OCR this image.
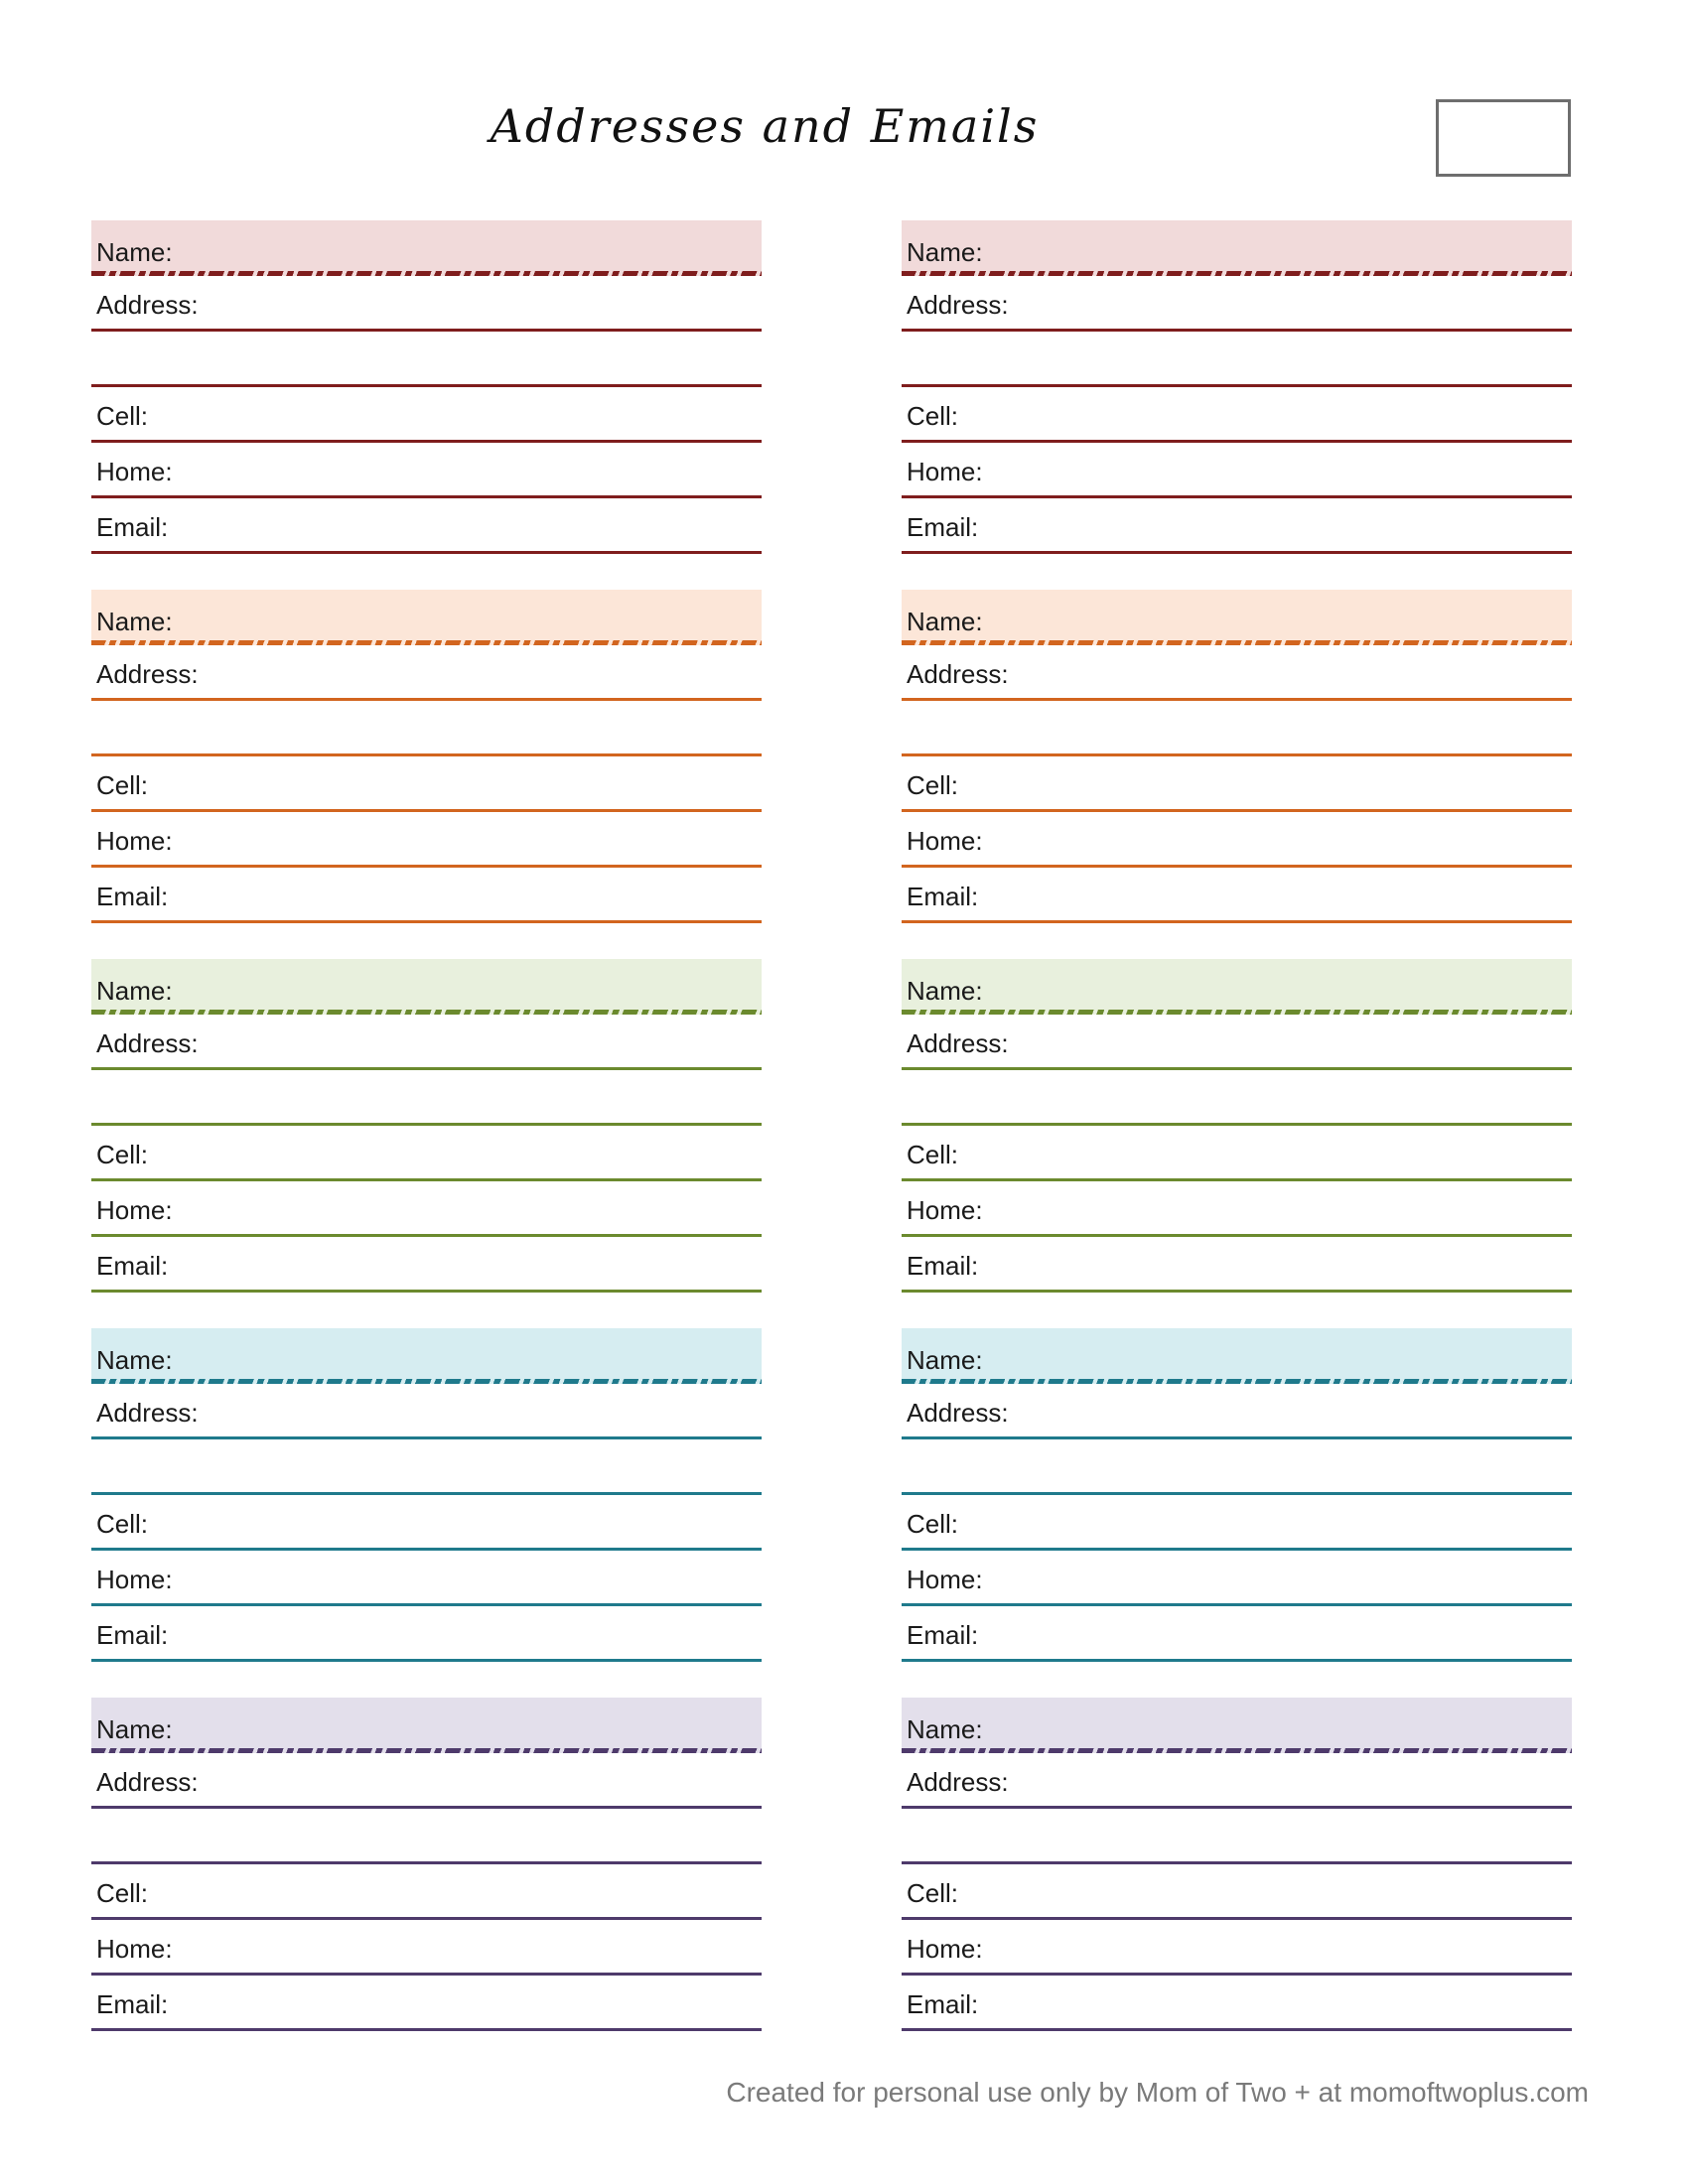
Addresses and Emails
Name:
Address:
Cell:
Home:
Email:
Name:
Address:
Cell:
Home:
Email:
Name:
Address:
Cell:
Home:
Email:
Name:
Address:
Cell:
Home:
Email:
Name:
Address:
Cell:
Home:
Email:
Name:
Address:
Cell:
Home:
Email:
Name:
Address:
Cell:
Home:
Email:
Name:
Address:
Cell:
Home:
Email:
Name:
Address:
Cell:
Home:
Email:
Name:
Address:
Cell:
Home:
Email:
Created for personal use only by Mom of Two + at momoftwoplus.com
